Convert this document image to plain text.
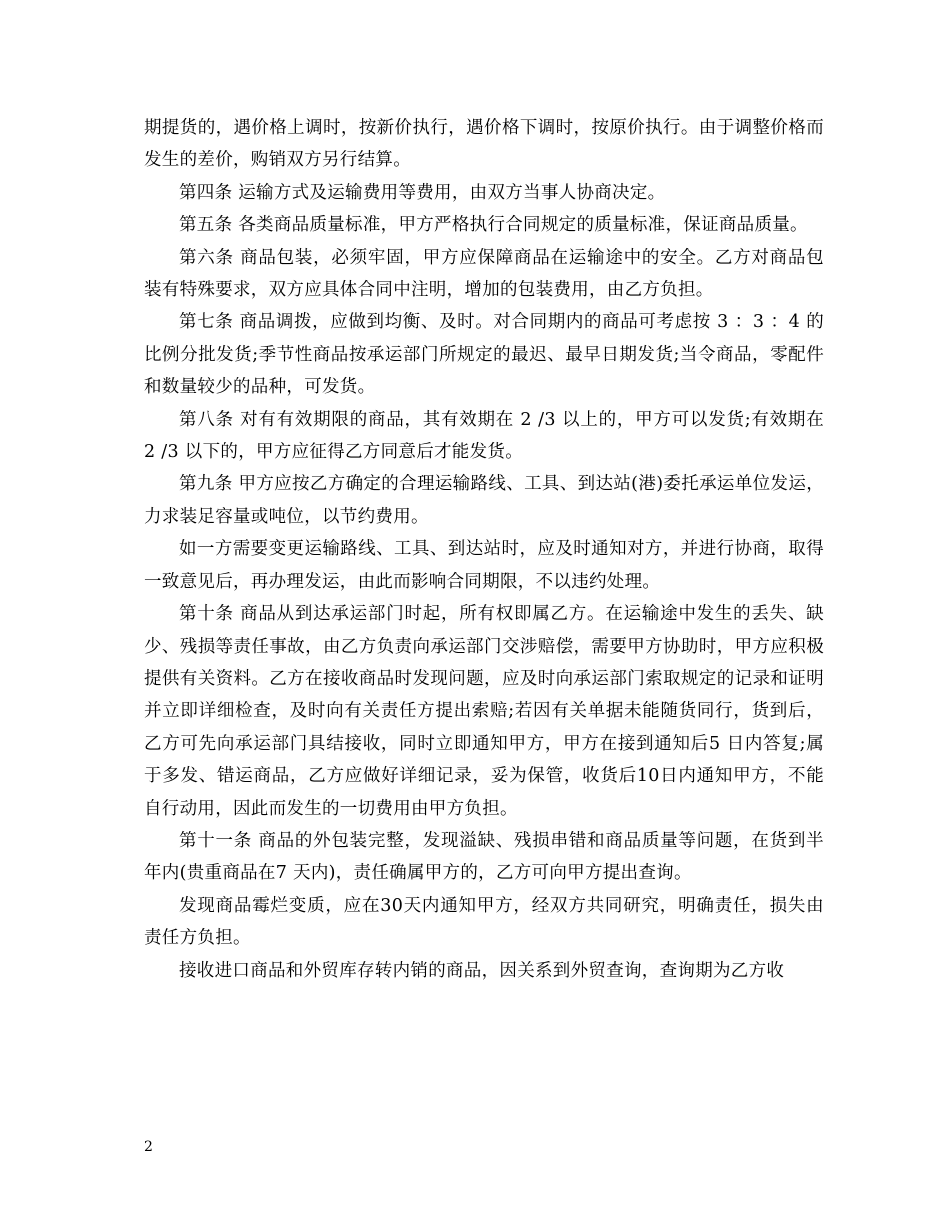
期提货的，遇价格上调时，按新价执行，遇价格下调时，按原价执行。由于调整价格而发生的差价，购销双方另行结算。

第四条 运输方式及运输费用等费用，由双方当事人协商决定。

第五条 各类商品质量标准，甲方严格执行合同规定的质量标准，保证商品质量。

第六条 商品包装，必须牢固，甲方应保障商品在运输途中的安全。乙方对商品包装有特殊要求，双方应具体合同中注明，增加的包装费用，由乙方负担。

第七条 商品调拨，应做到均衡、及时。对合同期内的商品可考虑按 3 ：3 ：4 的比例分批发货;季节性商品按承运部门所规定的最迟、最早日期发货;当令商品，零配件和数量较少的品种，可发货。

第八条 对有有效期限的商品，其有效期在 2 /3 以上的，甲方可以发货;有效期在 2 /3 以下的，甲方应征得乙方同意后才能发货。

第九条 甲方应按乙方确定的合理运输路线、工具、到达站(港)委托承运单位发运，力求装足容量或吨位，以节约费用。

如一方需要变更运输路线、工具、到达站时，应及时通知对方，并进行协商，取得一致意见后，再办理发运，由此而影响合同期限，不以违约处理。

第十条 商品从到达承运部门时起，所有权即属乙方。在运输途中发生的丢失、缺少、残损等责任事故，由乙方负责向承运部门交涉赔偿，需要甲方协助时，甲方应积极提供有关资料。乙方在接收商品时发现问题，应及时向承运部门索取规定的记录和证明并立即详细检查，及时向有关责任方提出索赔;若因有关单据未能随货同行，货到后，乙方可先向承运部门具结接收，同时立即通知甲方，甲方在接到通知后5 日内答复;属于多发、错运商品，乙方应做好详细记录，妥为保管，收货后10日内通知甲方，不能自行动用，因此而发生的一切费用由甲方负担。

第十一条 商品的外包装完整，发现溢缺、残损串错和商品质量等问题，在货到半年内(贵重商品在7 天内)，责任确属甲方的，乙方可向甲方提出查询。

发现商品霉烂变质，应在30天内通知甲方，经双方共同研究，明确责任，损失由责任方负担。

接收进口商品和外贸库存转内销的商品，因关系到外贸查询，查询期为乙方收

2
